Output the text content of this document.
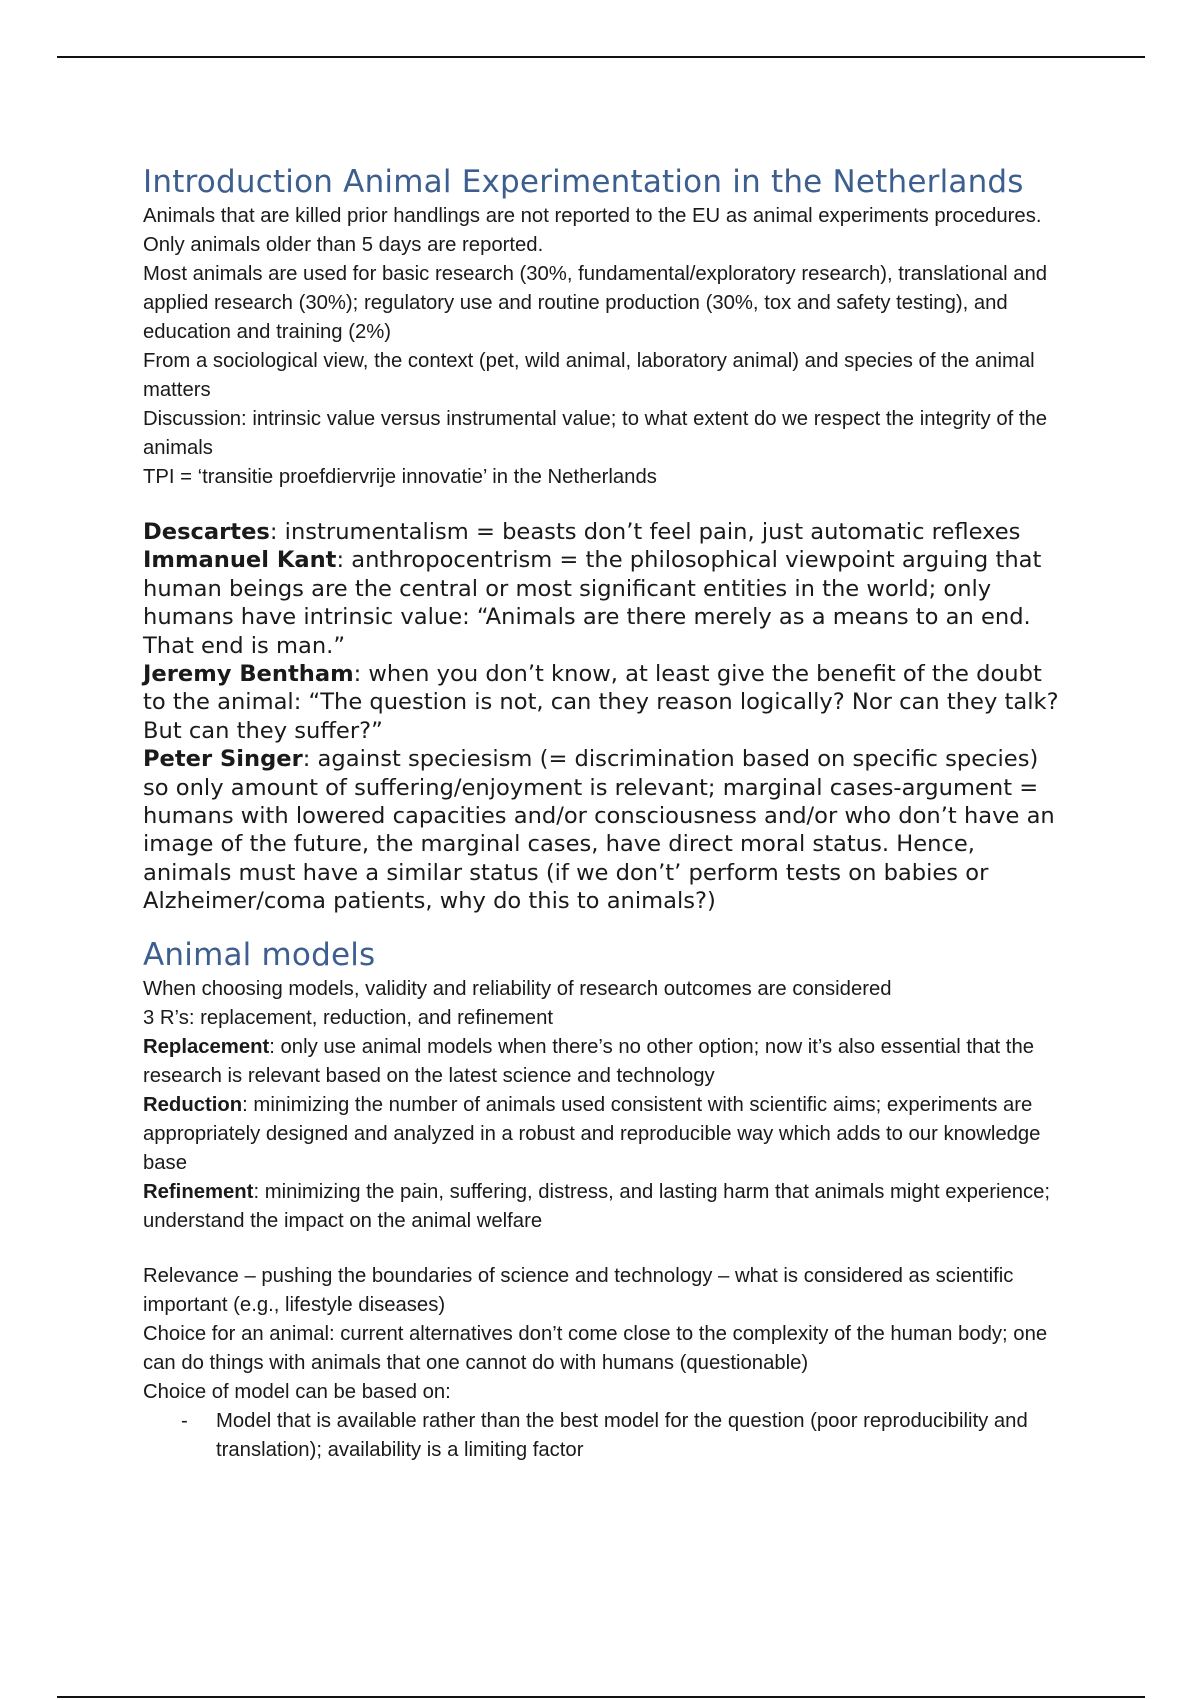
Introduction Animal Experimentation in the Netherlands

Animals that are killed prior handlings are not reported to the EU as animal experiments procedures. Only animals older than 5 days are reported.

Most animals are used for basic research (30%, fundamental/exploratory research), translational and applied research (30%); regulatory use and routine production (30%, tox and safety testing), and education and training (2%)

From a sociological view, the context (pet, wild animal, laboratory animal) and species of the animal matters

Discussion: intrinsic value versus instrumental value; to what extent do we respect the integrity of the animals

TPI = ‘transitie proefdiervrije innovatie’ in the Netherlands

Descartes: instrumentalism = beasts don’t feel pain, just automatic reflexes

Immanuel Kant: anthropocentrism = the philosophical viewpoint arguing that human beings are the central or most significant entities in the world; only humans have intrinsic value: “Animals are there merely as a means to an end. That end is man.”

Jeremy Bentham: when you don’t know, at least give the benefit of the doubt to the animal: “The question is not, can they reason logically? Nor can they talk? But can they suffer?”

Peter Singer: against speciesism (= discrimination based on specific species) so only amount of suffering/enjoyment is relevant; marginal cases-argument = humans with lowered capacities and/or consciousness and/or who don’t have an image of the future, the marginal cases, have direct moral status. Hence, animals must have a similar status (if we don’t’ perform tests on babies or Alzheimer/coma patients, why do this to animals?)

Animal models

When choosing models, validity and reliability of research outcomes are considered

3 R’s: replacement, reduction, and refinement

Replacement: only use animal models when there’s no other option; now it’s also essential that the research is relevant based on the latest science and technology

Reduction: minimizing the number of animals used consistent with scientific aims; experiments are appropriately designed and analyzed in a robust and reproducible way which adds to our knowledge base

Refinement: minimizing the pain, suffering, distress, and lasting harm that animals might experience; understand the impact on the animal welfare

Relevance – pushing the boundaries of science and technology – what is considered as scientific important (e.g., lifestyle diseases)

Choice for an animal: current alternatives don’t come close to the complexity of the human body; one can do things with animals that one cannot do with humans (questionable)

Choice of model can be based on:

- Model that is available rather than the best model for the question (poor reproducibility and translation); availability is a limiting factor
